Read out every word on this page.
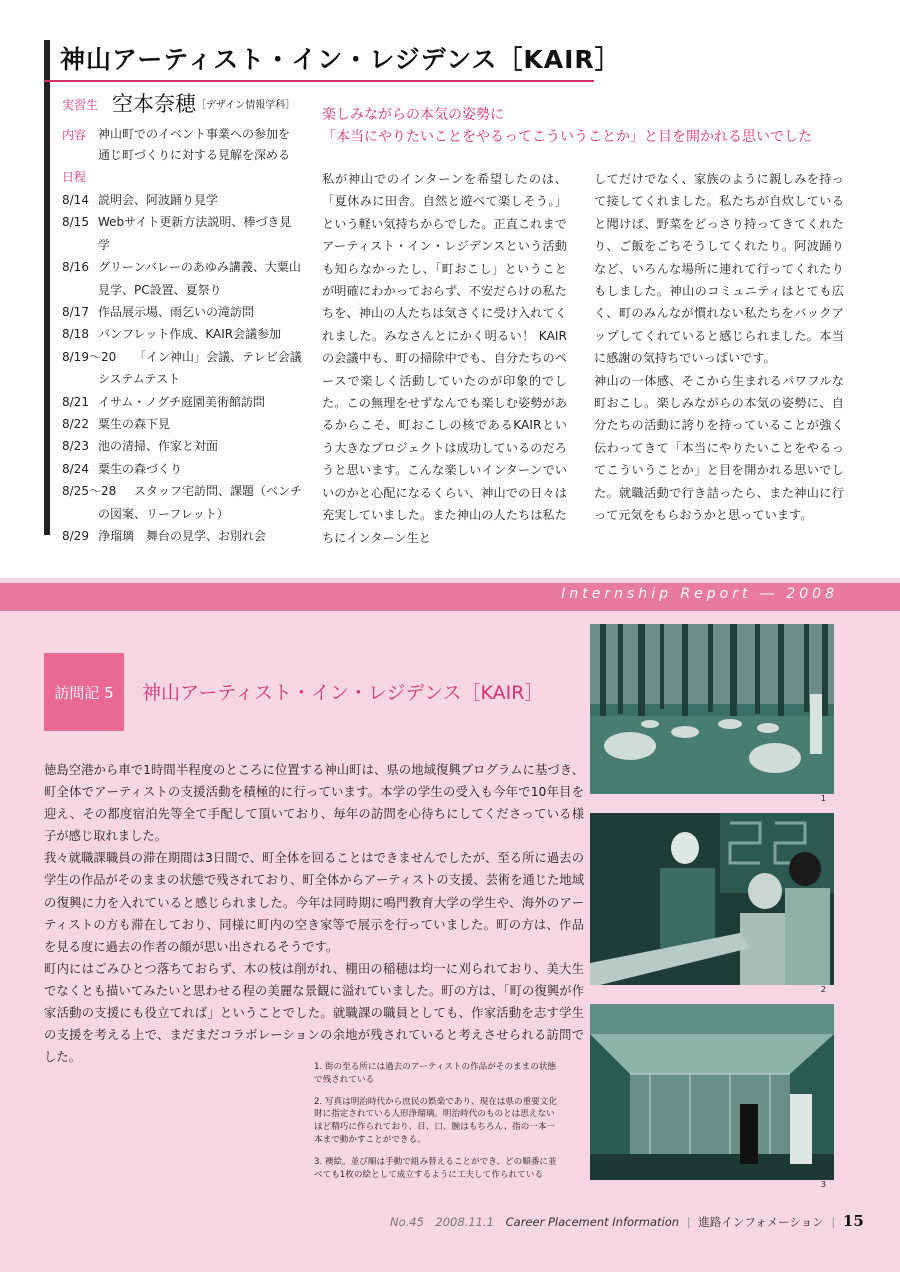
神山アーティスト・イン・レジデンス［KAIR］
実習生 空本奈穂 ［デザイン情報学科］
内容 神山町でのイベント事業への参加を通じ町づくりに対する見解を深める
日程
8/14 説明会、阿波踊り見学
8/15 Webサイト更新方法説明、棒づき見学
8/16 グリーンバレーのあゆみ講義、大粟山見学、PC設置、夏祭り
8/17 作品展示場、雨乞いの滝訪問
8/18 パンフレット作成、KAIR会議参加
8/19～20	「イン神山」会議、テレビ会議システムテスト
8/21 イサム・ノグチ庭園美術館訪問
8/22 粟生の森下見
8/23 池の清掃、作家と対面
8/24 粟生の森づくり
8/25～28	スタッフ宅訪問、課題（ベンチの図案、リーフレット）
8/29 浄瑠璃　舞台の見学、お別れ会
楽しみながらの本気の姿勢に
「本当にやりたいことをやるってこういうことか」と目を開かれる思いでした
私が神山でのインターンを希望したのは、「夏休みに田舎。自然と遊べて楽しそう。」という軽い気持ちからでした。正直これまでアーティスト・イン・レジデンスという活動も知らなかったし、「町おこし」ということが明確にわかっておらず、不安だらけの私たちを、神山の人たちは気さくに受け入れてくれました。みなさんとにかく明るい！ KAIRの会議中も、町の掃除中でも、自分たちのペースで楽しく活動していたのが印象的でした。この無理をせずなんでも楽しむ姿勢があるからこそ、町おこしの核であるKAIRという大きなプロジェクトは成功しているのだろうと思います。こんな楽しいインターンでいいのかと心配になるくらい、神山での日々は充実していました。また神山の人たちは私たちにインターン生と
してだけでなく、家族のように親しみを持って接してくれました。私たちが自炊していると聞けば、野菜をどっさり持ってきてくれたり、ご飯をごちそうしてくれたり。阿波踊りなど、いろんな場所に連れて行ってくれたりもしました。神山のコミュニティはとても広く、町のみんなが慣れない私たちをバックアップしてくれていると感じられました。本当に感謝の気持ちでいっぱいです。
神山の一体感、そこから生まれるパワフルな町おこし。楽しみながらの本気の姿勢に、自分たちの活動に誇りを持っていることが強く伝わってきて「本当にやりたいことをやるってこういうことか」と目を開かれる思いでした。就職活動で行き詰ったら、また神山に行って元気をもらおうかと思っています。
Internship Report ― 2008
訪問記 5 神山アーティスト・イン・レジデンス［KAIR］
徳島空港から車で1時間半程度のところに位置する神山町は、県の地域復興プログラムに基づき、町全体でアーティストの支援活動を積極的に行っています。本学の学生の受入も今年で10年目を迎え、その都度宿泊先等全て手配して頂いており、毎年の訪問を心待ちにしてくださっている様子が感じ取れました。
我々就職課職員の滞在期間は3日間で、町全体を回ることはできませんでしたが、至る所に過去の学生の作品がそのままの状態で残されており、町全体からアーティストの支援、芸術を通じた地域の復興に力を入れていると感じられました。今年は同時期に鳴門教育大学の学生や、海外のアーティストの方も滞在しており、同様に町内の空き家等で展示を行っていました。町の方は、作品を見る度に過去の作者の顔が思い出されるそうです。
町内にはごみひとつ落ちておらず、木の枝は削がれ、棚田の稲穂は均一に刈られており、美大生でなくとも描いてみたいと思わせる程の美麗な景観に溢れていました。町の方は、「町の復興が作家活動の支援にも役立てれば」ということでした。就職課の職員としても、作家活動を志す学生の支援を考える上で、まだまだコラボレーションの余地が残されていると考えさせられる訪問でした。

1. 街の至る所には過去のアーティストの作品がそのままの状態で残されている

2. 写真は明治時代から庶民の娯楽であり、現在は県の重要文化財に指定されている人形浄瑠璃。明治時代のものとは思えないほど精巧に作られており、目、口、腕はもちろん、指の一本一本まで動かすことができる。

3. 襖絵。並び順は手動で組み替えることができ、どの順番に並べても1枚の絵として成立するように工夫して作られている

1
2
3
No.45　2008.11.1 Career Placement Information | 進路インフォメーション | 15
